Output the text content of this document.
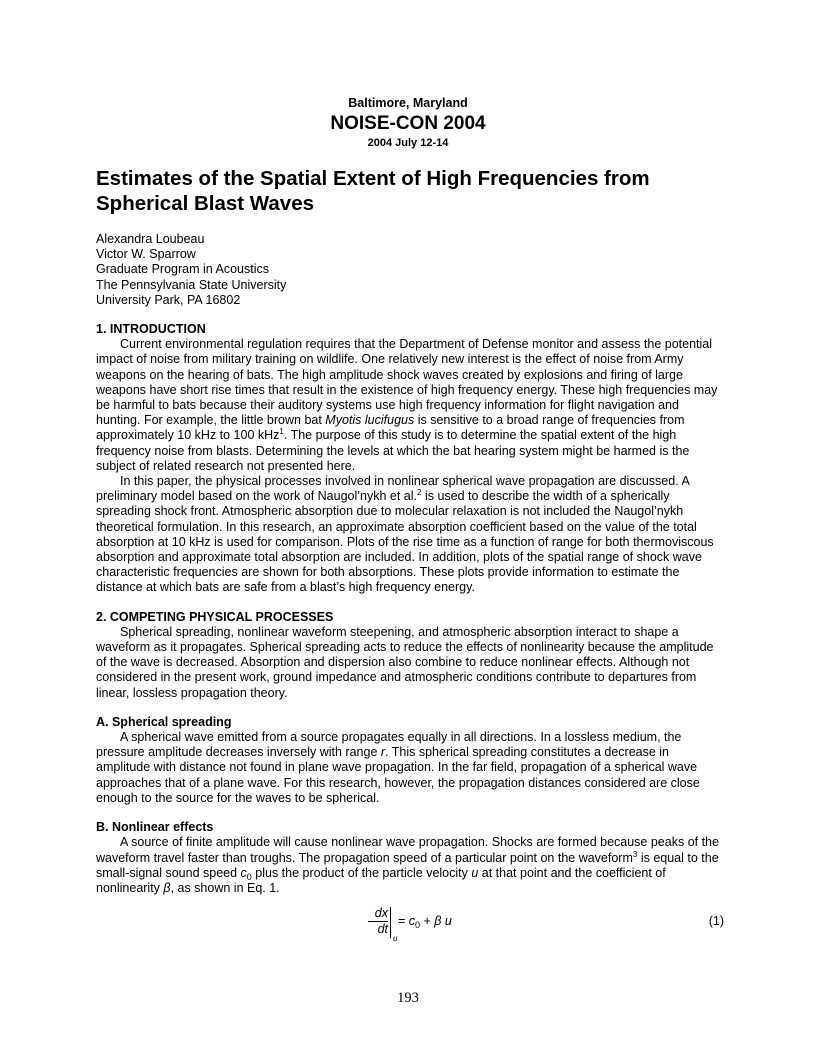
Baltimore, Maryland
NOISE-CON 2004
2004 July 12-14
Estimates of the Spatial Extent of High Frequencies from Spherical Blast Waves
Alexandra Loubeau
Victor W. Sparrow
Graduate Program in Acoustics
The Pennsylvania State University
University Park, PA 16802
1. INTRODUCTION

Current environmental regulation requires that the Department of Defense monitor and assess the potential impact of noise from military training on wildlife. One relatively new interest is the effect of noise from Army weapons on the hearing of bats. The high amplitude shock waves created by explosions and firing of large weapons have short rise times that result in the existence of high frequency energy. These high frequencies may be harmful to bats because their auditory systems use high frequency information for flight navigation and hunting. For example, the little brown bat Myotis lucifugus is sensitive to a broad range of frequencies from approximately 10 kHz to 100 kHz$^1$. The purpose of this study is to determine the spatial extent of the high frequency noise from blasts. Determining the levels at which the bat hearing system might be harmed is the subject of related research not presented here.

In this paper, the physical processes involved in nonlinear spherical wave propagation are discussed. A preliminary model based on the work of Naugol’nykh et al.$^2$ is used to describe the width of a spherically spreading shock front. Atmospheric absorption due to molecular relaxation is not included the Naugol’nykh theoretical formulation. In this research, an approximate absorption coefficient based on the value of the total absorption at 10 kHz is used for comparison. Plots of the rise time as a function of range for both thermoviscous absorption and approximate total absorption are included. In addition, plots of the spatial range of shock wave characteristic frequencies are shown for both absorptions. These plots provide information to estimate the distance at which bats are safe from a blast’s high frequency energy.

2. COMPETING PHYSICAL PROCESSES

Spherical spreading, nonlinear waveform steepening, and atmospheric absorption interact to shape a waveform as it propagates. Spherical spreading acts to reduce the effects of nonlinearity because the amplitude of the wave is decreased. Absorption and dispersion also combine to reduce nonlinear effects. Although not considered in the present work, ground impedance and atmospheric conditions contribute to departures from linear, lossless propagation theory.

A. Spherical spreading

A spherical wave emitted from a source propagates equally in all directions. In a lossless medium, the pressure amplitude decreases inversely with range r. This spherical spreading constitutes a decrease in amplitude with distance not found in plane wave propagation. In the far field, propagation of a spherical wave approaches that of a plane wave. For this research, however, the propagation distances considered are close enough to the source for the waves to be spherical.

B. Nonlinear effects

A source of finite amplitude will cause nonlinear wave propagation. Shocks are formed because peaks of the waveform travel faster than troughs. The propagation speed of a particular point on the waveform$^3$ is equal to the small-signal sound speed $c_0$ plus the product of the particle velocity u at that point and the coefficient of nonlinearity β, as shown in Eq. 1.

$\frac{dx}{dt}$
u
= $c_0 + \beta$ u	(1)
193
